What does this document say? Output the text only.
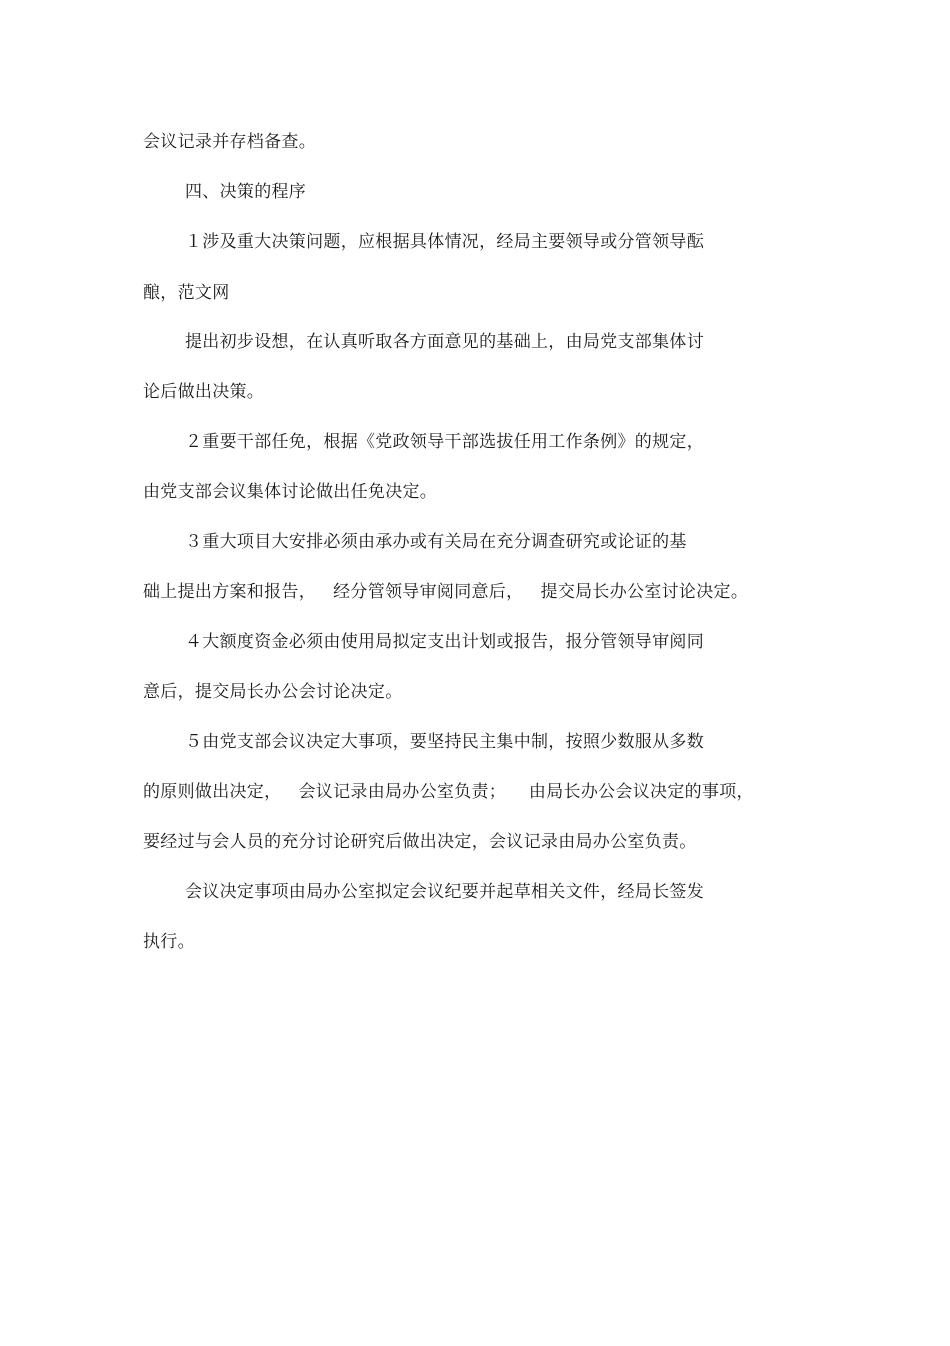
会议记录并存档备查。
四、决策的程序
１涉及重大决策问题，应根据具体情况，经局主要领导或分管领导酝
酿，范文网
提出初步设想，在认真听取各方面意见的基础上，由局党支部集体讨
论后做出决策。
２重要干部任免，根据《党政领导干部选拔任用工作条例》的规定，
由党支部会议集体讨论做出任免决定。
３重大项目大安排必须由承办或有关局在充分调查研究或论证的基
础上提出方案和报告，   经分管领导审阅同意后，   提交局长办公室讨论决定。
４大额度资金必须由使用局拟定支出计划或报告，报分管领导审阅同
意后，提交局长办公会讨论决定。
５由党支部会议决定大事项，要坚持民主集中制，按照少数服从多数
的原则做出决定，   会议记录由局办公室负责；    由局长办公会议决定的事项，
要经过与会人员的充分讨论研究后做出决定，会议记录由局办公室负责。
会议决定事项由局办公室拟定会议纪要并起草相关文件，经局长签发
执行。
